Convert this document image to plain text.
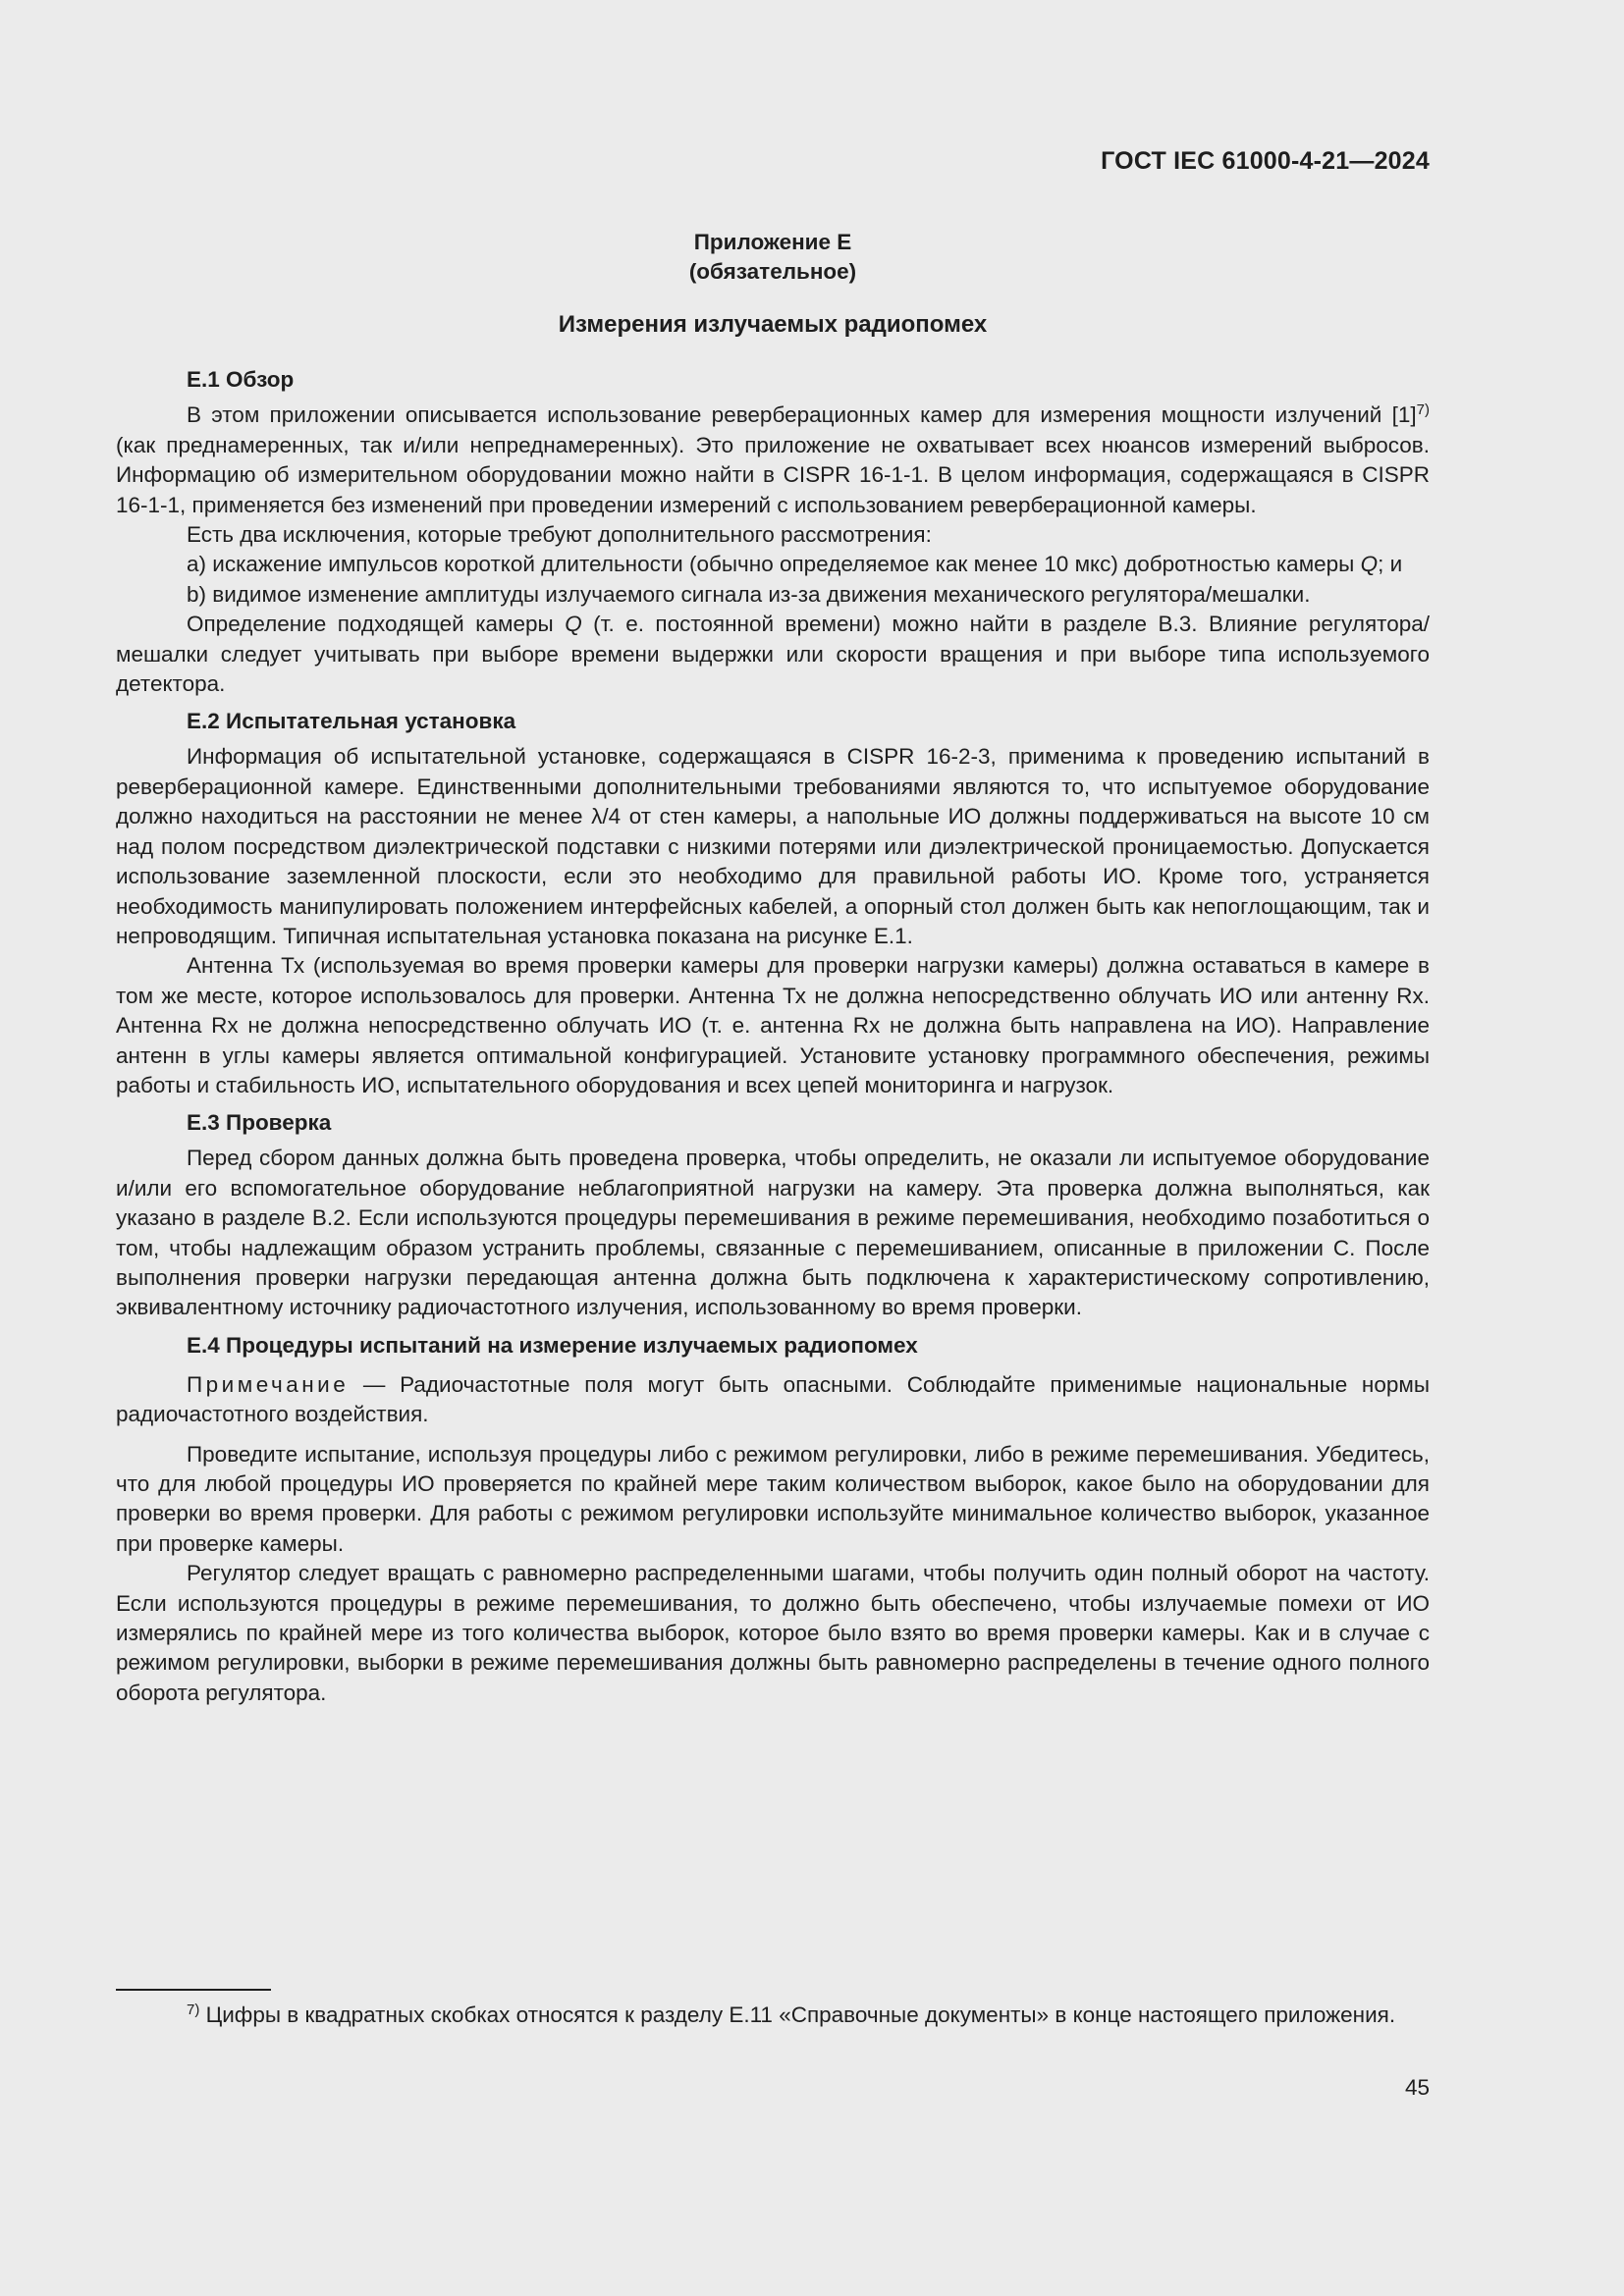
ГОСТ IEC 61000-4-21—2024
Приложение Е
(обязательное)
Измерения излучаемых радиопомех
Е.1 Обзор

В этом приложении описывается использование реверберационных камер для измерения мощности излучений $[1]^{7)}$ (как преднамеренных, так и/или непреднамеренных). Это приложение не охватывает всех нюансов измерений выбросов. Информацию об измерительном оборудовании можно найти в CISPR 16-1-1. В целом информация, содержащаяся в CISPR 16-1-1, применяется без изменений при проведении измерений с использованием реверберационной камеры.

Есть два исключения, которые требуют дополнительного рассмотрения:

a) искажение импульсов короткой длительности (обычно определяемое как менее 10 мкс) добротностью камеры Q; и

b) видимое изменение амплитуды излучаемого сигнала из-за движения механического регулятора/мешалки.

Определение подходящей камеры Q (т. е. постоянной времени) можно найти в разделе В.3. Влияние регулятора/мешалки следует учитывать при выборе времени выдержки или скорости вращения и при выборе типа используемого детектора.

Е.2 Испытательная установка

Информация об испытательной установке, содержащаяся в CISPR 16-2-3, применима к проведению испытаний в реверберационной камере. Единственными дополнительными требованиями являются то, что испытуемое оборудование должно находиться на расстоянии не менее λ/4 от стен камеры, а напольные ИО должны поддерживаться на высоте 10 см над полом посредством диэлектрической подставки с низкими потерями или диэлектрической проницаемостью. Допускается использование заземленной плоскости, если это необходимо для правильной работы ИО. Кроме того, устраняется необходимость манипулировать положением интерфейсных кабелей, а опорный стол должен быть как непоглощающим, так и непроводящим. Типичная испытательная установка показана на рисунке Е.1.

Антенна Тх (используемая во время проверки камеры для проверки нагрузки камеры) должна оставаться в камере в том же месте, которое использовалось для проверки. Антенна Тх не должна непосредственно облучать ИО или антенну Rx. Антенна Rx не должна непосредственно облучать ИО (т. е. антенна Rx не должна быть направлена на ИО). Направление антенн в углы камеры является оптимальной конфигурацией. Установите установку программного обеспечения, режимы работы и стабильность ИО, испытательного оборудования и всех цепей мониторинга и нагрузок.

Е.3 Проверка

Перед сбором данных должна быть проведена проверка, чтобы определить, не оказали ли испытуемое оборудование и/или его вспомогательное оборудование неблагоприятной нагрузки на камеру. Эта проверка должна выполняться, как указано в разделе В.2. Если используются процедуры перемешивания в режиме перемешивания, необходимо позаботиться о том, чтобы надлежащим образом устранить проблемы, связанные с перемешиванием, описанные в приложении С. После выполнения проверки нагрузки передающая антенна должна быть подключена к характеристическому сопротивлению, эквивалентному источнику радиочастотного излучения, использованному во время проверки.

Е.4 Процедуры испытаний на измерение излучаемых радиопомех

Примечание — Радиочастотные поля могут быть опасными. Соблюдайте применимые национальные нормы радиочастотного воздействия.

Проведите испытание, используя процедуры либо с режимом регулировки, либо в режиме перемешивания. Убедитесь, что для любой процедуры ИО проверяется по крайней мере таким количеством выборок, какое было на оборудовании для проверки во время проверки. Для работы с режимом регулировки используйте минимальное количество выборок, указанное при проверке камеры.

Регулятор следует вращать с равномерно распределенными шагами, чтобы получить один полный оборот на частоту. Если используются процедуры в режиме перемешивания, то должно быть обеспечено, чтобы излучаемые помехи от ИО измерялись по крайней мере из того количества выборок, которое было взято во время проверки камеры. Как и в случае с режимом регулировки, выборки в режиме перемешивания должны быть равномерно распределены в течение одного полного оборота регулятора.

$^{7)}$ Цифры в квадратных скобках относятся к разделу Е.11 «Справочные документы» в конце настоящего приложения.

45
